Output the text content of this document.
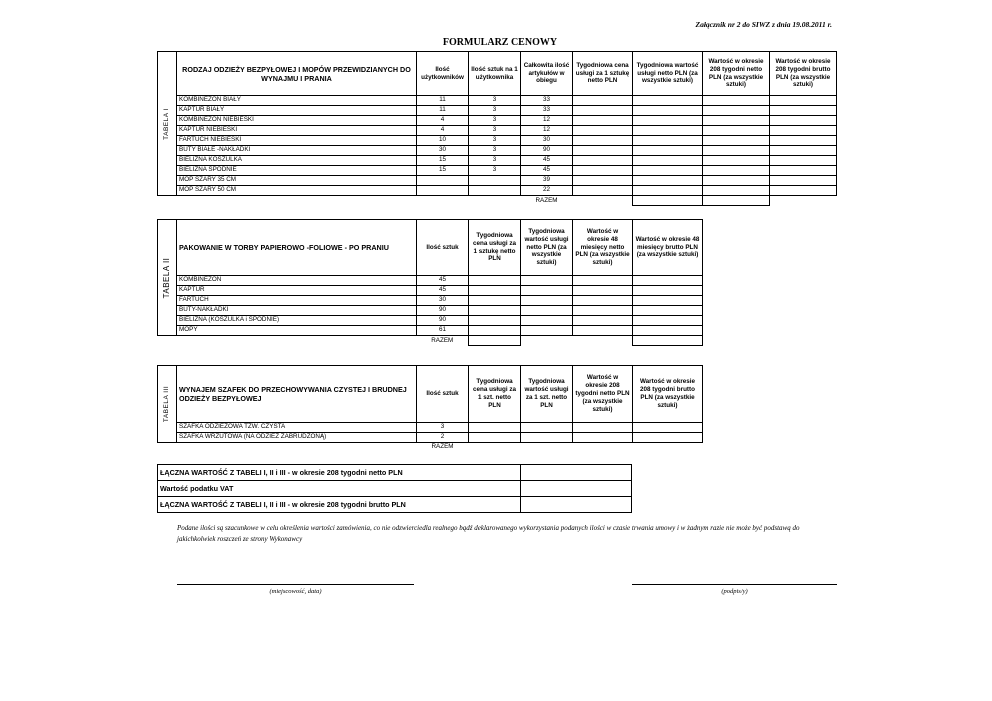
Załącznik nr 2 do SIWZ z dnia 19.08.2011 r.
FORMULARZ CENOWY
TABELA I	RODZAJ ODZIEŻY BEZPYŁOWEJ I MOPÓW PRZEWIDZIANYCH DO WYNAJMU I PRANIA	Ilość użytkowników	Ilość sztuk na 1 użytkownika	Całkowita ilość artykułów w obiegu	Tygodniowa cena usługi za 1 sztukę netto PLN	Tygodniowa wartość usługi netto PLN (za wszystkie sztuki)	Wartość w okresie 208 tygodni netto PLN (za wszystkie sztuki)	Wartość w okresie 208 tygodni brutto PLN (za wszystkie sztuki)
	KOMBINEZON BIAŁY	11	3	33				
	KAPTUR BIAŁY	11	3	33				
	KOMBINEZON NIEBIESKI	4	3	12				
	KAPTUR NIEBIESKI	4	3	12				
	FARTUCH NIEBIESKI	10	3	30				
	BUTY BIAŁE -NAKŁADKI	30	3	90				
	BIELIZNA KOSZULKA	15	3	45				
	BIELIZNA SPODNIE	15	3	45				
	MOP SZARY 35 CM			39				
	MOP SZARY 50 CM			22				
				RAZEM				
TABELA II	PAKOWANIE W TORBY PAPIEROWO -FOLIOWE - PO PRANIU	Ilość sztuk	Tygodniowa cena usługi za 1 sztukę netto PLN	Tygodniowa wartość usługi netto PLN (za wszystkie sztuki)	Wartość w okresie 48 miesięcy netto PLN (za wszystkie sztuki)	Wartość w okresie 48 miesięcy brutto PLN (za wszystkie sztuki)
	KOMBINEZON	45				
	KAPTUR	45				
	FARTUCH	30				
	BUTY-NAKŁADKI	90				
	BIELIZNA (KOSZULKA i SPODNIE)	90				
	MOPY	61				
		RAZEM				
TABELA III	WYNAJEM SZAFEK DO PRZECHOWYWANIA CZYSTEJ I BRUDNEJ ODZIEŻY BEZPYŁOWEJ	Ilość sztuk	Tygodniowa cena usługi za 1 szt. netto PLN	Tygodniowa wartość usługi za 1 szt. netto PLN	Wartość w okresie 208 tygodni netto PLN (za wszystkie sztuki)	Wartość w okresie 208 tygodni brutto PLN (za wszystkie sztuki)
	SZAFKA ODZIEŻOWA TZW. CZYSTA	3				
	SZAFKA WRZUTOWA (NA ODZIEŻ ZABRUDZONĄ)	2				
		RAZEM				
ŁĄCZNA WARTOŚĆ Z TABELI I, II i III - w okresie 208 tygodni netto PLN	
Wartość podatku VAT	
ŁĄCZNA WARTOŚĆ Z TABELI I, II i III - w okresie 208 tygodni brutto PLN	
Podane ilości są szacunkowe w celu określenia wartości zamówienia, co nie odzwierciedla realnego bądź deklarowanego wykorzystania podanych ilości w czasie trwania umowy i w żadnym razie nie może być podstawą do jakichkolwiek roszczeń ze strony Wykonawcy
(miejscowość, data)	(podpis/y)
